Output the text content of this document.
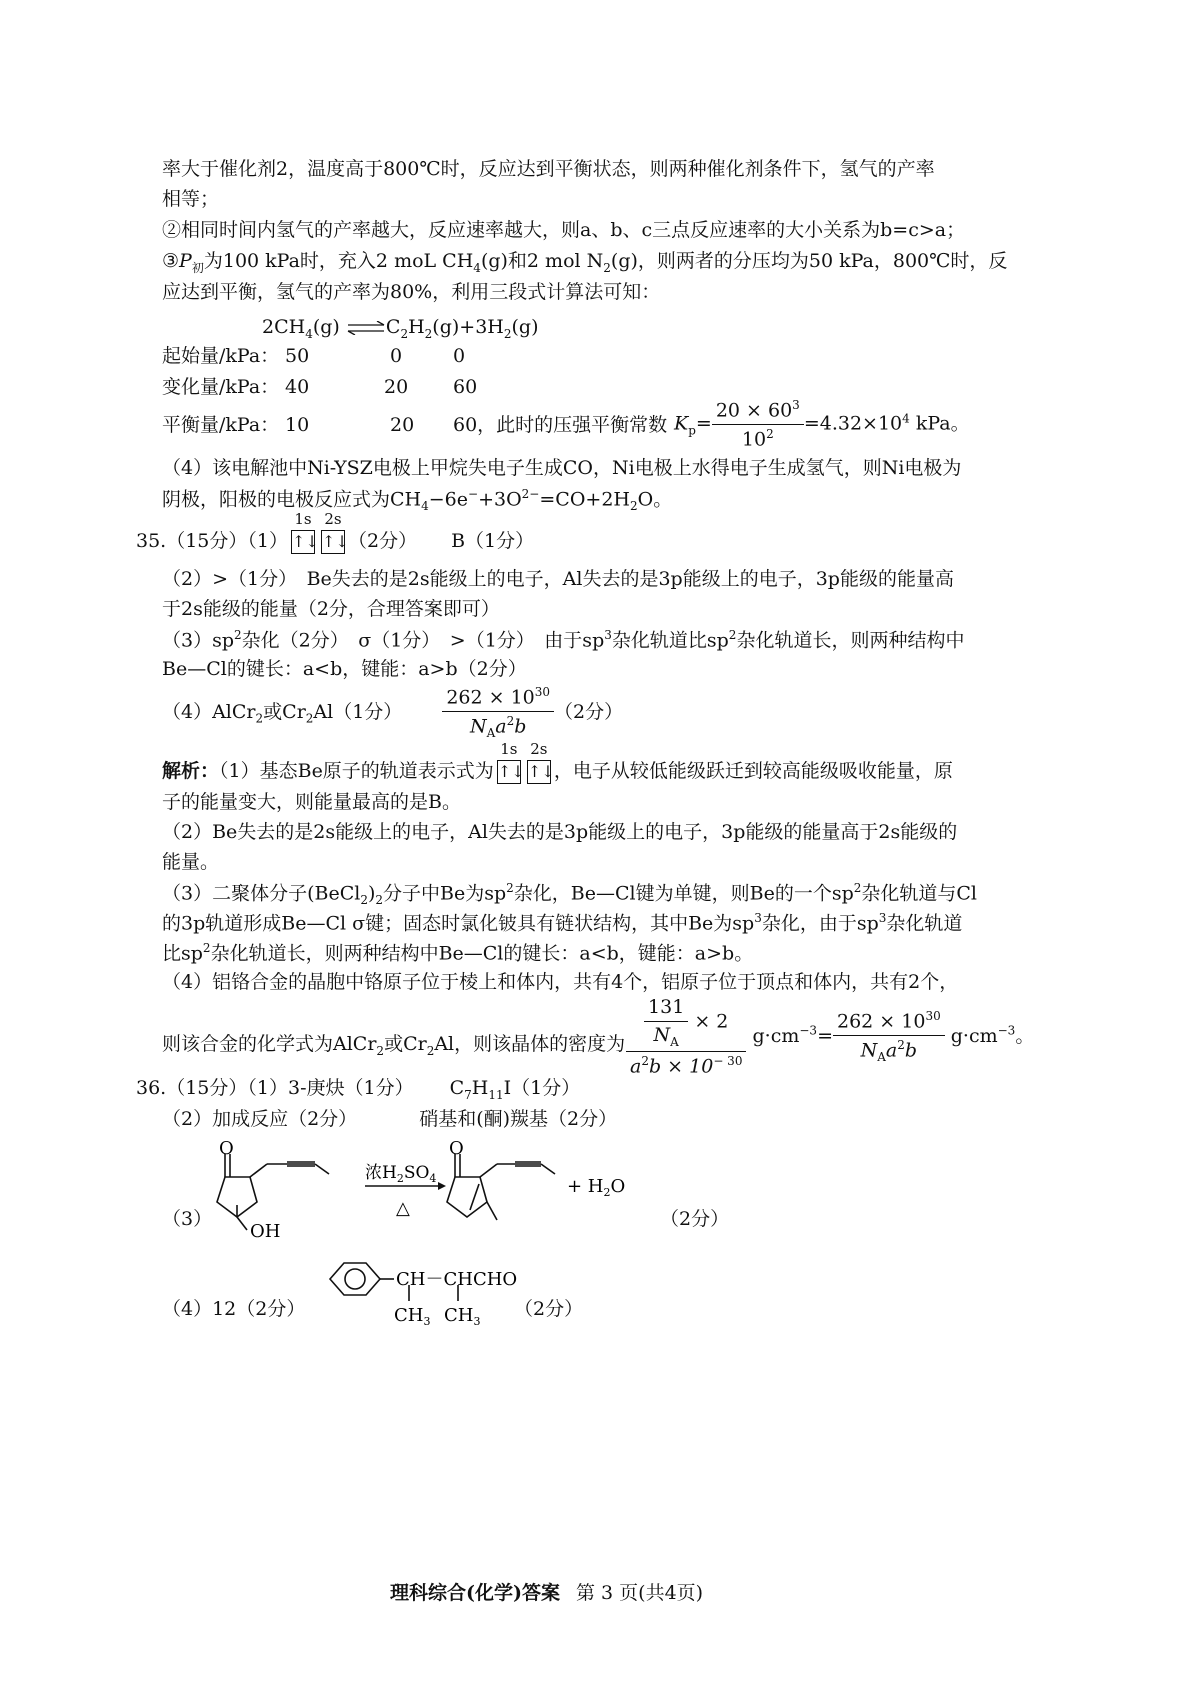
率大于催化剂2，温度高于800℃时，反应达到平衡状态，则两种催化剂条件下，氢气的产率
相等；
②相同时间内氢气的产率越大，反应速率越大，则a、b、c三点反应速率的大小关系为b=c>a；
$③P_初$为100 kPa时，充入2 moL $CH_4(g)$和2 mol $N_2(g)$，则两者的分压均为50 kPa，800℃时，反
应达到平衡，氢气的产率为80%，利用三段式计算法可知：
$2CH_4(g)$ $\rightleftharpoons C_2H_2(g)+3H_2(g)$
起始量/kPa： 50	0	0
变化量/kPa： 40	20 60
平衡量/kPa： 10	20 60，此时的压强平衡常数 $K_p= \frac{20 \times 60^3}{10^2} =4.32\times 10^4$ kPa。
（4）该电解池中Ni-YSZ电极上甲烷失电子生成CO，Ni电极上水得电子生成氢气，则Ni电极为
阴极，阳极的电极反应式为$CH_4-6e^-+3O^{2-}=CO+2H_2O$。
35.（15分）（1）
1s
↑↓
2s
↑↓（2分） B（1分）
（2）>（1分）　Be失去的是2s能级上的电子，Al失去的是3p能级上的电子，3p能级的能量高
于2s能级的能量（2分，合理答案即可）
$(3)sp^2$杂化（2分）　σ（1分）　>（1分）　由于$sp^3$杂化轨道比$sp^2$杂化轨道长，则两种结构中
Be—Cl的键长：a<b，键能：a>b（2分）
（4）AlCr$_2$或$Cr_2Al(1$分） $\frac{262 \times 10^{30}}{N_Aa^2b} (2$分）
解析：（1）基态Be原子的轨道表示式为
1s
↑↓
2s
↑↓，电子从较低能级跃迁到较高能级吸收能量，原
子的能量变大，则能量最高的是B。
（2）Be失去的是2s能级上的电子，Al失去的是3p能级上的电子，3p能级的能量高于2s能级的
能量。
（3）二聚体分子$(BeCl_2)_2$分子中Be为$sp^2$杂化，Be—Cl键为单键，则Be的一个$sp^2$杂化轨道与Cl
的3p轨道形成Be—Cl σ键；固态时氯化铍具有链状结构，其中Be为$sp^3$杂化，由于$sp^3$杂化轨道
比$sp^2$杂化轨道长，则两种结构中Be—Cl的键长：a<b，键能：a>b。
（4）铝铬合金的晶胞中铬原子位于棱上和体内，共有4个，铝原子位于顶点和体内，共有2个，
则该合金的化学式为AlCr$_2$或$Cr_2Al$，则该晶体的密度为 $\frac{\frac{131}{N_A} \times 2}{a^2b \times 10^{- 30}} g\cdot cm^{-3}= \frac{262 \times 10^{30}}{N_Aa^2b} g\cdot cm^{-3}$。
36.（15分）（1）3-庚炔（1分） $C_7H_{11}I(1$分）
（2）加成反应（2分）	硝基和(酮)羰基（2分）
（3）	（2分）
O
OH
浓$H_2SO_4$
△
O
+ $H_2O$
（4）12（2分）
CH－CHCHO
$CH_3$ $CH_3$
（2分）
理科综合(化学)答案 第 3 页(共4页)
